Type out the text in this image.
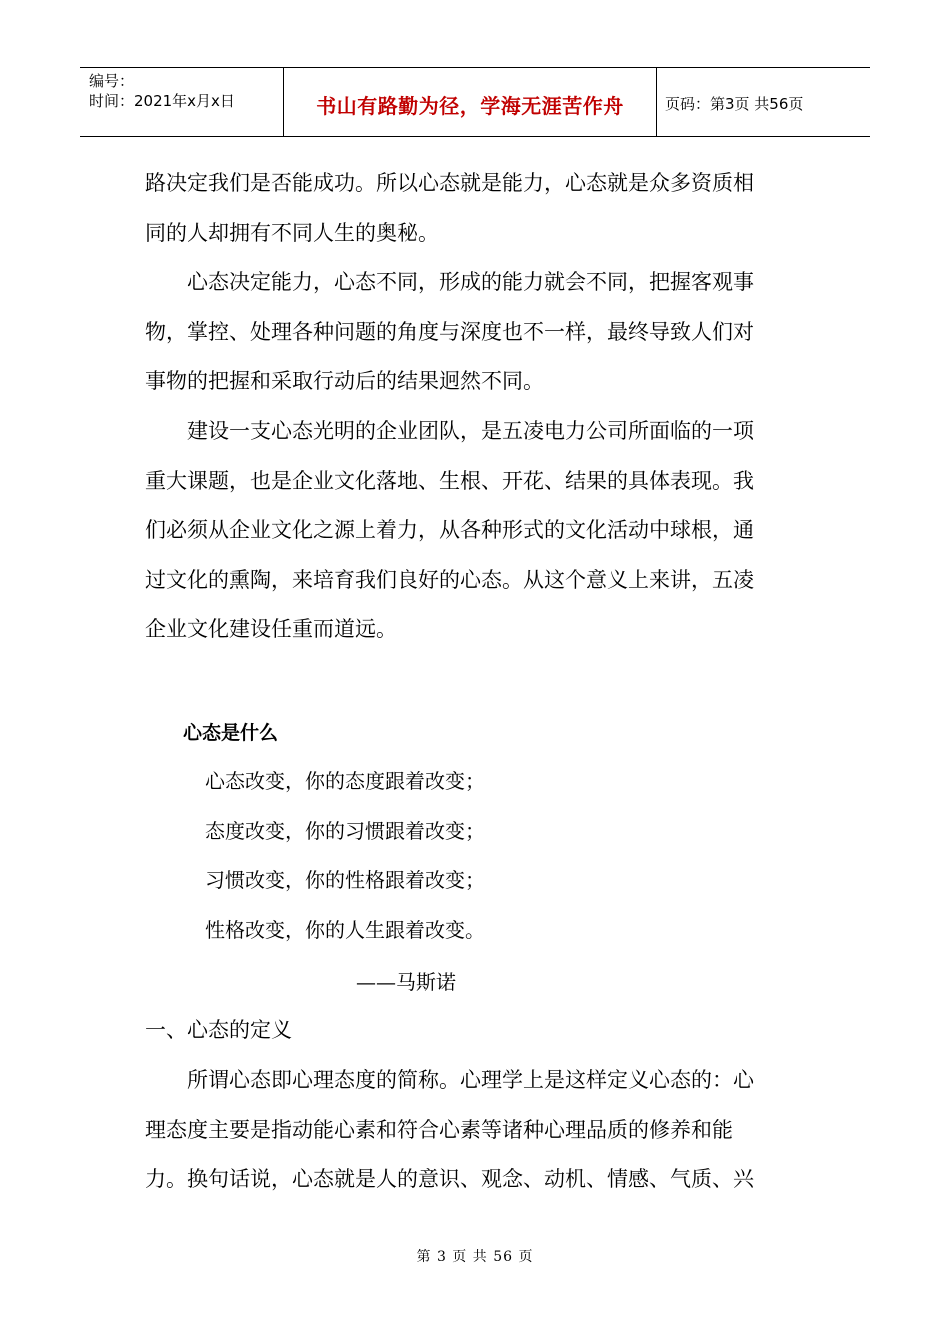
编号：
时间：2021年x月x日	书山有路勤为径，学海无涯苦作舟	页码：第3页 共56页
路决定我们是否能成功。所以心态就是能力，心态就是众多资质相
同的人却拥有不同人生的奥秘。
心态决定能力，心态不同，形成的能力就会不同，把握客观事
物，掌控、处理各种问题的角度与深度也不一样，最终导致人们对
事物的把握和采取行动后的结果迥然不同。
建设一支心态光明的企业团队，是五凌电力公司所面临的一项
重大课题，也是企业文化落地、生根、开花、结果的具体表现。我
们必须从企业文化之源上着力，从各种形式的文化活动中球根，通
过文化的熏陶，来培育我们良好的心态。从这个意义上来讲，五凌
企业文化建设任重而道远。
心态是什么
心态改变，你的态度跟着改变；
态度改变，你的习惯跟着改变；
习惯改变，你的性格跟着改变；
性格改变，你的人生跟着改变。
——马斯诺
一、心态的定义
所谓心态即心理态度的简称。心理学上是这样定义心态的：心
理态度主要是指动能心素和符合心素等诸种心理品质的修养和能
力。换句话说，心态就是人的意识、观念、动机、情感、气质、兴
第 3 页 共 56 页
